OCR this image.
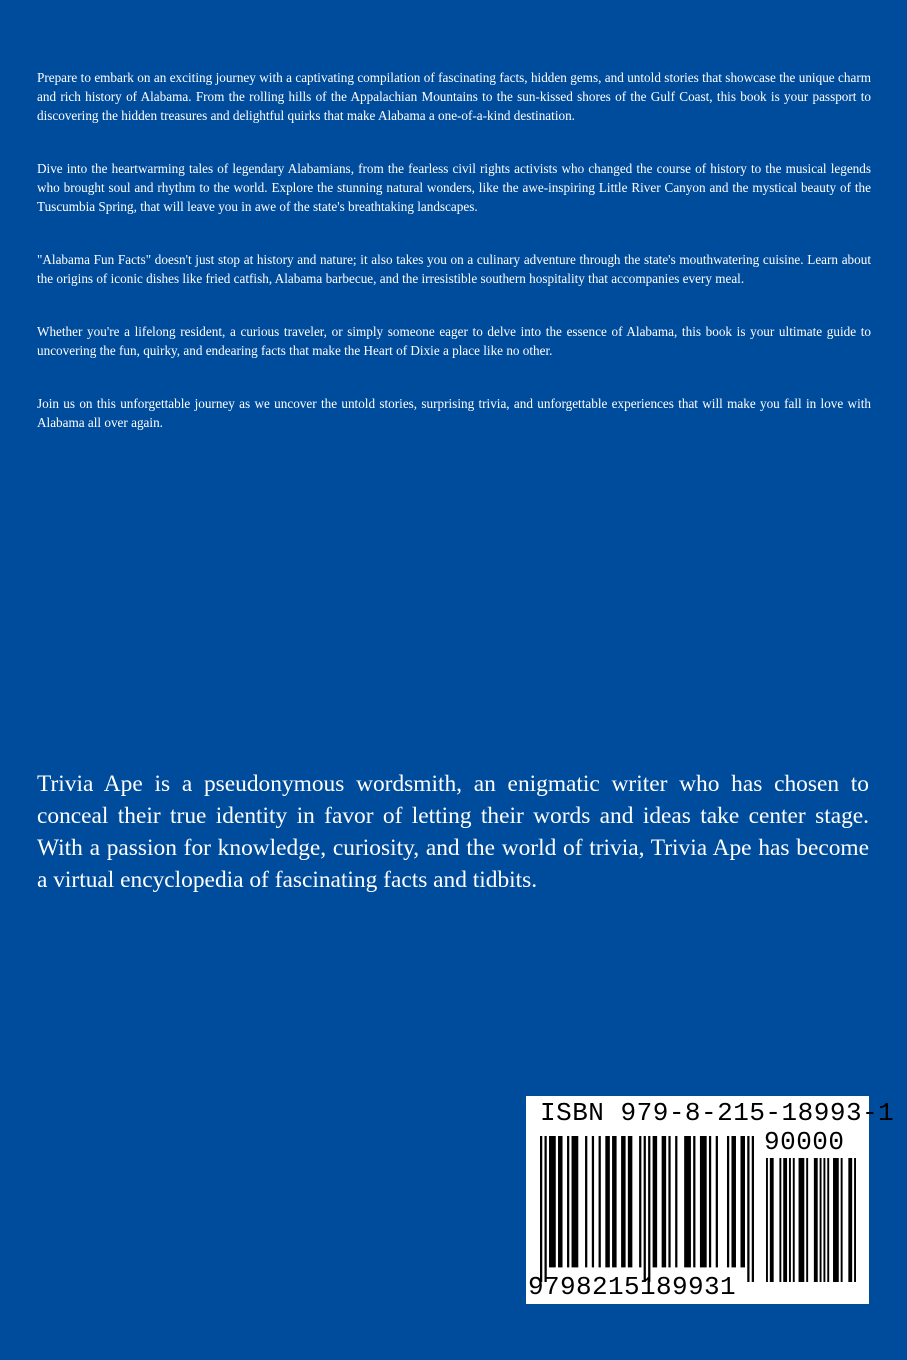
Prepare to embark on an exciting journey with a captivating compilation of fascinating facts, hidden gems, and untold stories that showcase the unique charm and rich history of Alabama. From the rolling hills of the Appalachian Mountains to the sun-kissed shores of the Gulf Coast, this book is your passport to discovering the hidden treasures and delightful quirks that make Alabama a one-of-a-kind destination.

Dive into the heartwarming tales of legendary Alabamians, from the fearless civil rights activists who changed the course of history to the musical legends who brought soul and rhythm to the world. Explore the stunning natural wonders, like the awe-inspiring Little River Canyon and the mystical beauty of the Tuscumbia Spring, that will leave you in awe of the state's breathtaking landscapes.

"Alabama Fun Facts" doesn't just stop at history and nature; it also takes you on a culinary adventure through the state's mouthwatering cuisine. Learn about the origins of iconic dishes like fried catfish, Alabama barbecue, and the irresistible southern hospitality that accompanies every meal.

Whether you're a lifelong resident, a curious traveler, or simply someone eager to delve into the essence of Alabama, this book is your ultimate guide to uncovering the fun, quirky, and endearing facts that make the Heart of Dixie a place like no other.

Join us on this unforgettable journey as we uncover the untold stories, surprising trivia, and unforgettable experiences that will make you fall in love with Alabama all over again.

Trivia Ape is a pseudonymous wordsmith, an enigmatic writer who has chosen to conceal their true identity in favor of letting their words and ideas take center stage. With a passion for knowledge, curiosity, and the world of trivia, Trivia Ape has become a virtual encyclopedia of fascinating facts and tidbits.

ISBN 979-8-215-18993-1

90000

9798215189931
